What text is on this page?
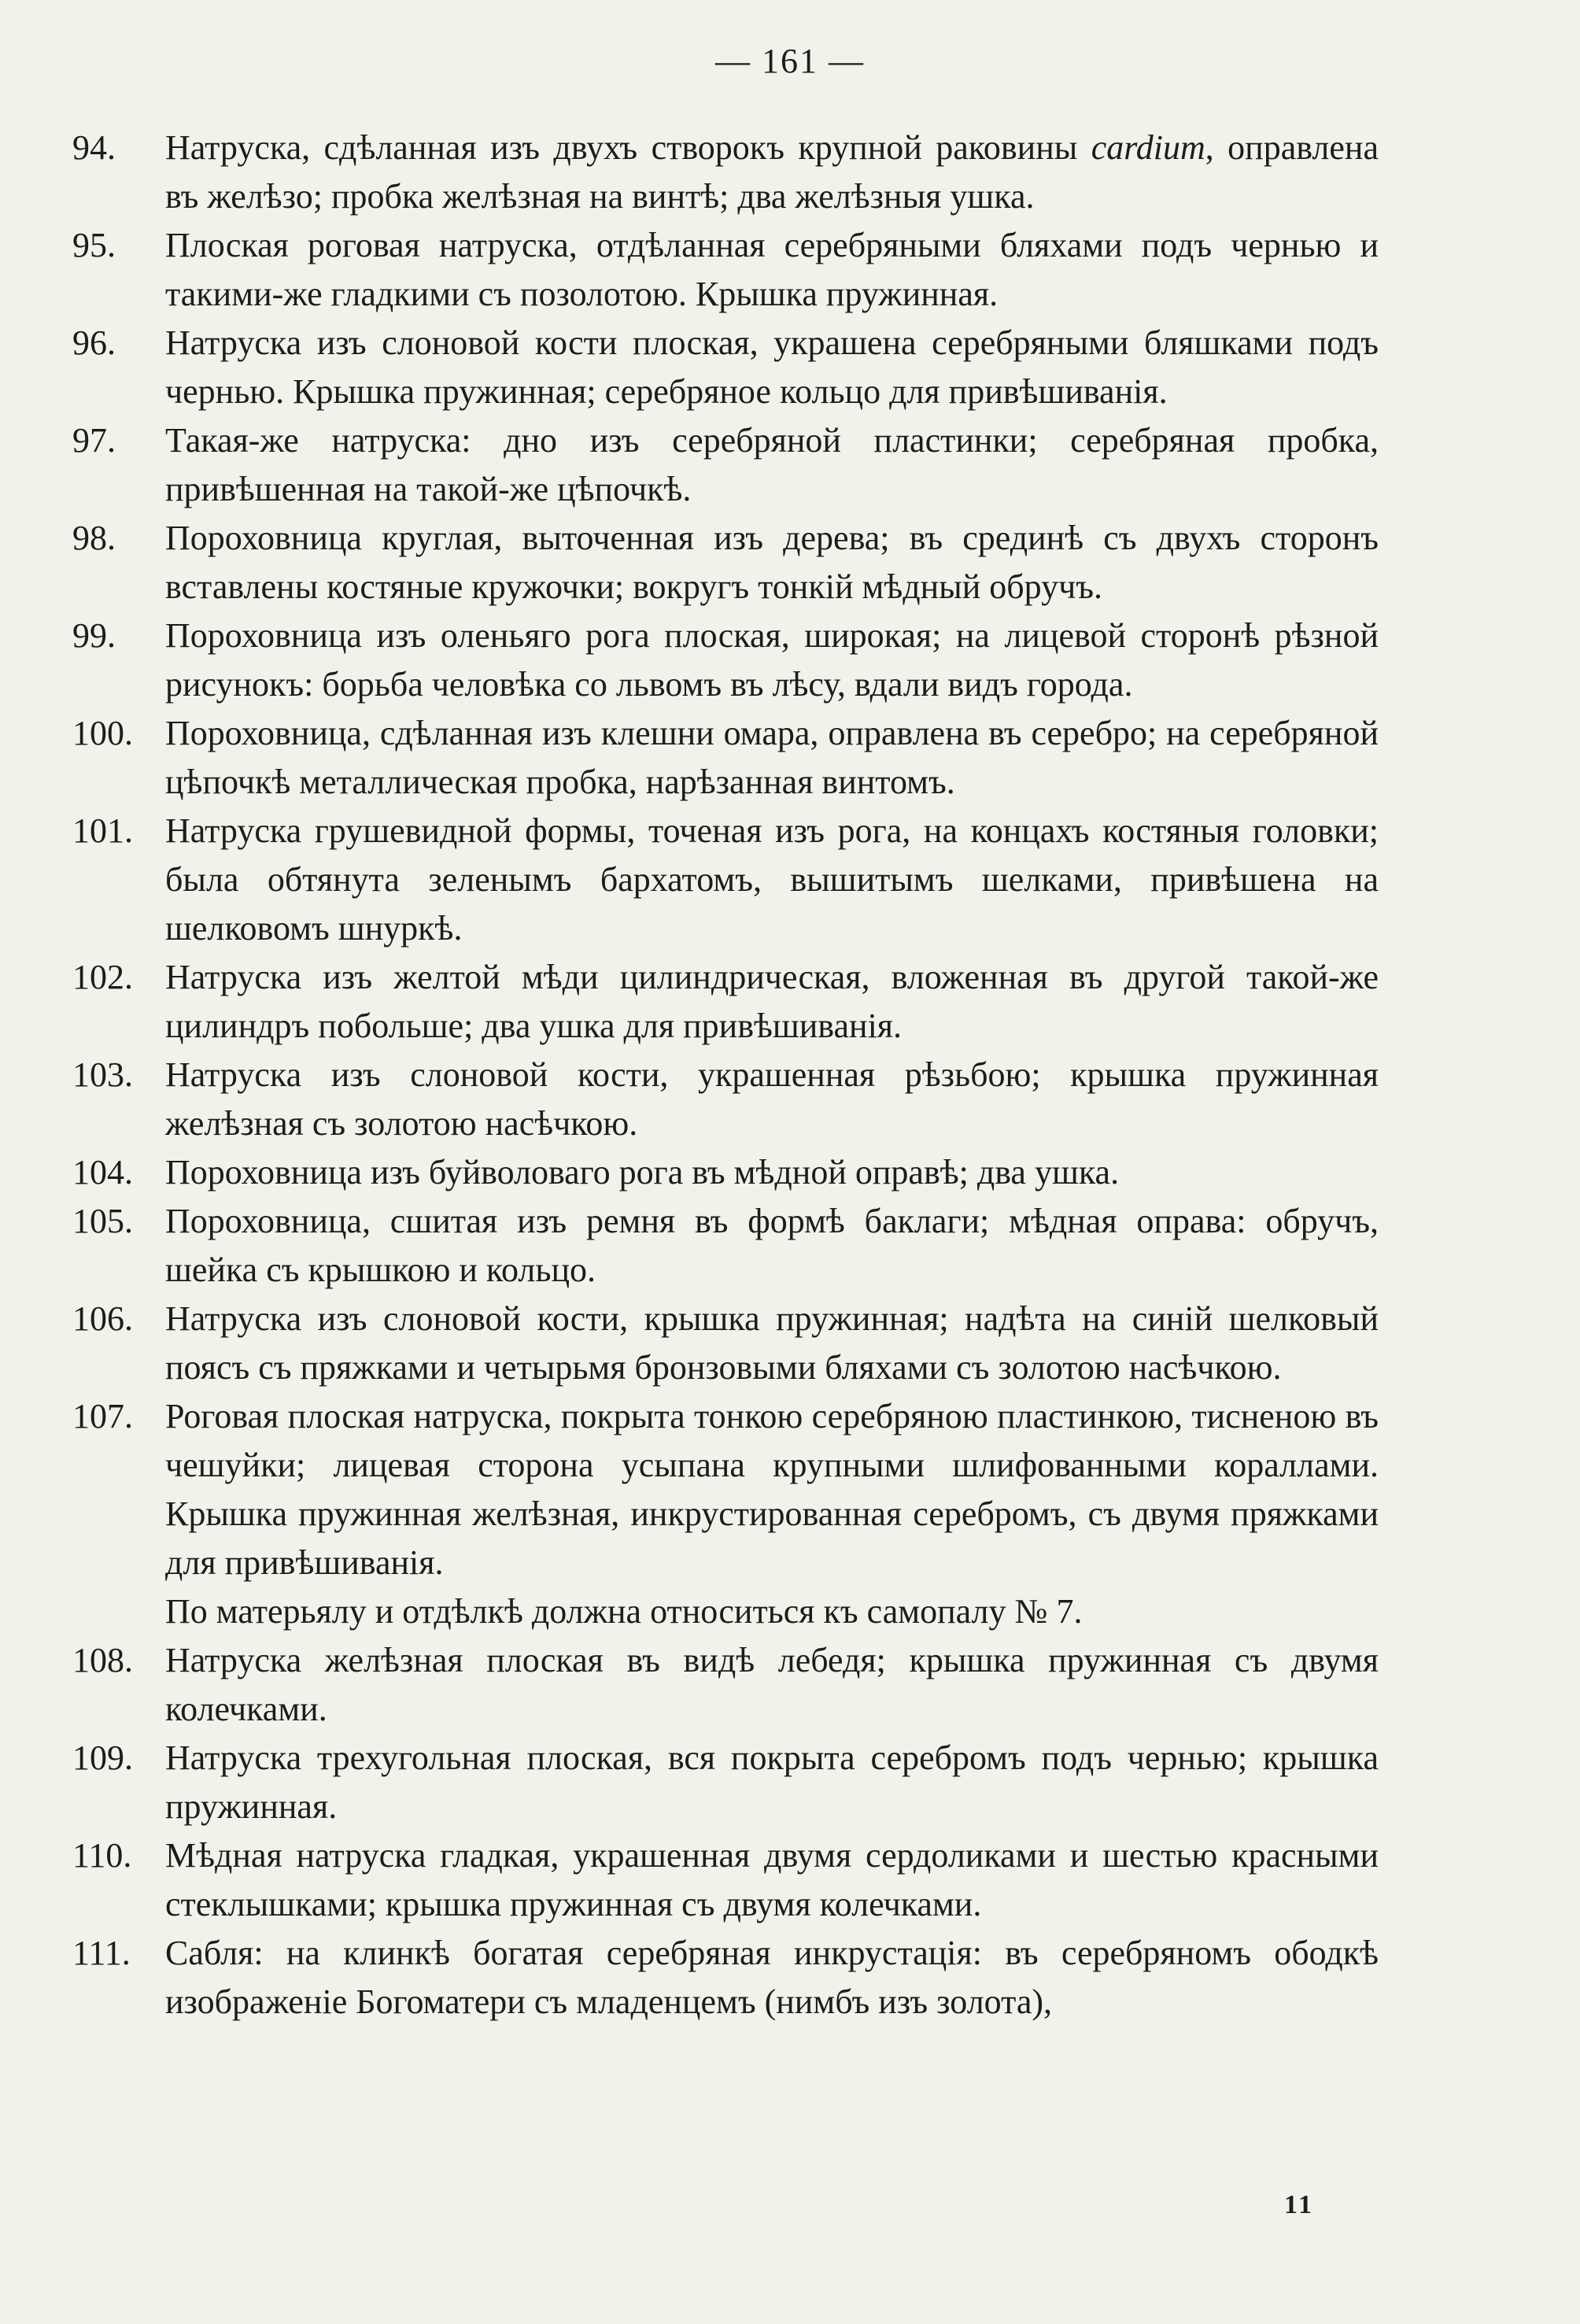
— 161 —
94.	Натруска, сдѣланная изъ двухъ створокъ крупной раковины cardium, оправлена въ желѣзо; пробка желѣзная на винтѣ; два желѣзныя ушка.
95.	Плоская роговая натруска, отдѣланная серебряными бляхами подъ чернью и такими-же гладкими съ позолотою. Крышка пружинная.
96.	Натруска изъ слоновой кости плоская, украшена серебряными бляшками подъ чернью. Крышка пружинная; серебряное кольцо для привѣшиванія.
97.	Такая-же натруска: дно изъ серебряной пластинки; серебряная пробка, привѣшенная на такой-же цѣпочкѣ.
98.	Пороховница круглая, выточенная изъ дерева; въ срединѣ съ двухъ сторонъ вставлены костяные кружочки; вокругъ тонкій мѣдный обручъ.
99.	Пороховница изъ оленьяго рога плоская, широкая; на лицевой сторонѣ рѣзной рисунокъ: борьба человѣка со львомъ въ лѣсу, вдали видъ города.
100. Пороховница, сдѣланная изъ клешни омара, оправлена въ серебро; на серебряной цѣпочкѣ металлическая пробка, нарѣзанная винтомъ.
101. Натруска грушевидной формы, точеная изъ рога, на концахъ костяныя головки; была обтянута зеленымъ бархатомъ, вышитымъ шелками, привѣшена на шелковомъ шнуркѣ.
102. Натруска изъ желтой мѣди цилиндрическая, вложенная въ другой такой-же цилиндръ побольше; два ушка для привѣшиванія.
103. Натруска изъ слоновой кости, украшенная рѣзьбою; крышка пружинная желѣзная съ золотою насѣчкою.
104. Пороховница изъ буйволоваго рога въ мѣдной оправѣ; два ушка.
105. Пороховница, сшитая изъ ремня въ формѣ баклаги; мѣдная оправа: обручъ, шейка съ крышкою и кольцо.
106. Натруска изъ слоновой кости, крышка пружинная; надѣта на синій шелковый поясъ съ пряжками и четырьмя бронзовыми бляхами съ золотою насѣчкою.
107. Роговая плоская натруска, покрыта тонкою серебряною пластинкою, тисненою въ чешуйки; лицевая сторона усыпана крупными шлифованными кораллами. Крышка пружинная желѣзная, инкрустированная серебромъ, съ двумя пряжками для привѣшиванія.
По матерьялу и отдѣлкѣ должна относиться къ самопалу № 7.
108. Натруска желѣзная плоская въ видѣ лебедя; крышка пружинная съ двумя колечками.
109. Натруска трехугольная плоская, вся покрыта серебромъ подъ чернью; крышка пружинная.
110. Мѣдная натруска гладкая, украшенная двумя сердоликами и шестью красными стеклышками; крышка пружинная съ двумя колечками.
111.	Сабля: на клинкѣ богатая серебряная инкрустація: въ серебряномъ ободкѣ изображеніе Богоматери съ младенцемъ (нимбъ изъ золота),
11
